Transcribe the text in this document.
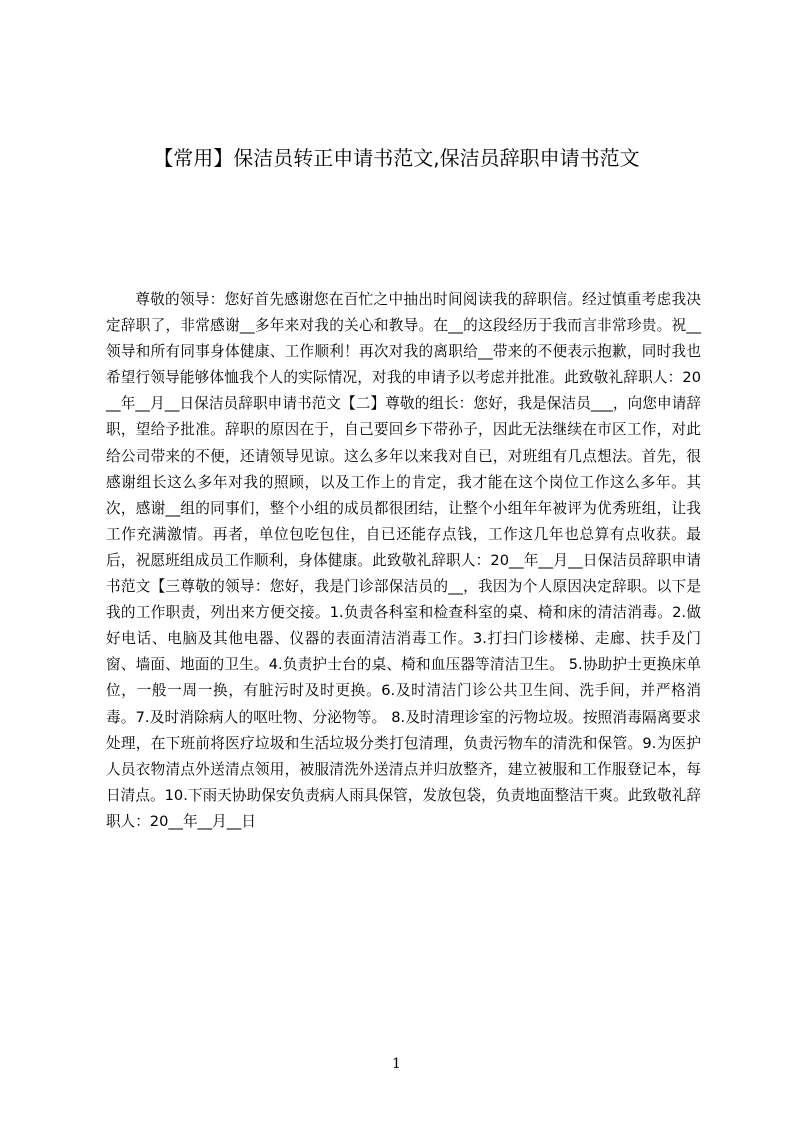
【常用】保洁员转正申请书范文,保洁员辞职申请书范文

尊敬的领导：您好首先感谢您在百忙之中抽出时间阅读我的辞职信。经过慎重考虑我决定辞职了，非常感谢__多年来对我的关心和教导。在__的这段经历于我而言非常珍贵。祝__领导和所有同事身体健康、工作顺利！再次对我的离职给__带来的不便表示抱歉，同时我也希望行领导能够体恤我个人的实际情况，对我的申请予以考虑并批准。此致敬礼辞职人：20__年__月__日保洁员辞职申请书范文【二】尊敬的组长：您好，我是保洁员___，向您申请辞职，望给予批准。辞职的原因在于，自己要回乡下带孙子，因此无法继续在市区工作，对此给公司带来的不便，还请领导见谅。这么多年以来我对自已，对班组有几点想法。首先，很感谢组长这么多年对我的照顾，以及工作上的肯定，我才能在这个岗位工作这么多年。其次，感谢__组的同事们，整个小组的成员都很团结，让整个小组年年被评为优秀班组，让我工作充满激情。再者，单位包吃包住，自已还能存点钱，工作这几年也总算有点收获。最后，祝愿班组成员工作顺利，身体健康。此致敬礼辞职人：20__年__月__日保洁员辞职申请书范文【三尊敬的领导：您好，我是门诊部保洁员的__，我因为个人原因决定辞职。以下是我的工作职责，列出来方便交接。1.负责各科室和检查科室的桌、椅和床的清洁消毒。2.做好电话、电脑及其他电器、仪器的表面清洁消毒工作。3.打扫门诊楼梯、走廊、扶手及门窗、墙面、地面的卫生。4.负责护士台的桌、椅和血压器等清洁卫生。 5.协助护士更换床单位，一般一周一换，有脏污时及时更换。6.及时清洁门诊公共卫生间、洗手间，并严格消毒。7.及时消除病人的呕吐物、分泌物等。 8.及时清理诊室的污物垃圾。按照消毒隔离要求处理，在下班前将医疗垃圾和生活垃圾分类打包清理，负责污物车的清洗和保管。9.为医护人员衣物清点外送清点领用，被服清洗外送清点并归放整齐，建立被服和工作服登记本，每日清点。10.下雨天协助保安负责病人雨具保管，发放包袋，负责地面整洁干爽。此致敬礼辞职人：20__年__月__日

1
